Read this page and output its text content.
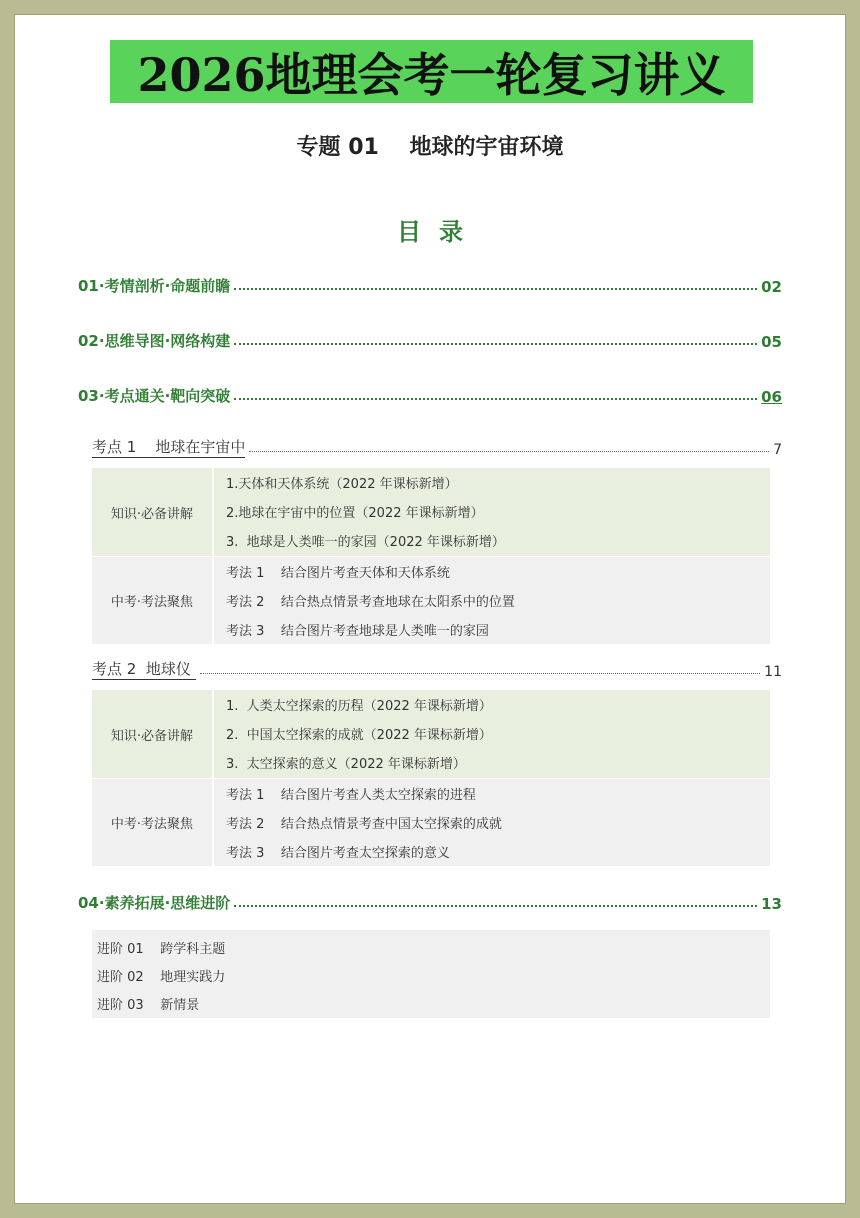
2026地理会考一轮复习讲义
专题 01    地球的宇宙环境
目录
01·考情剖析·命题前瞻	02
02·思维导图·网络构建	05
03·考点通关·靶向突破	06
考点 1    地球在宇宙中	7
知识·必备讲解
1.天体和天体系统（2022 年课标新增）
2.地球在宇宙中的位置（2022 年课标新增）
3.  地球是人类唯一的家园（2022 年课标新增）
中考·考法聚焦
考法 1    结合图片考查天体和天体系统
考法 2    结合热点情景考查地球在太阳系中的位置
考法 3    结合图片考查地球是人类唯一的家园
考点 2  地球仪	11
知识·必备讲解
1.  人类太空探索的历程（2022 年课标新增）
2.  中国太空探索的成就（2022 年课标新增）
3.  太空探索的意义（2022 年课标新增）
中考·考法聚焦
考法 1    结合图片考查人类太空探索的进程
考法 2    结合热点情景考查中国太空探索的成就
考法 3    结合图片考查太空探索的意义
04·素养拓展·思维进阶	13
进阶 01    跨学科主题
进阶 02    地理实践力
进阶 03    新情景
